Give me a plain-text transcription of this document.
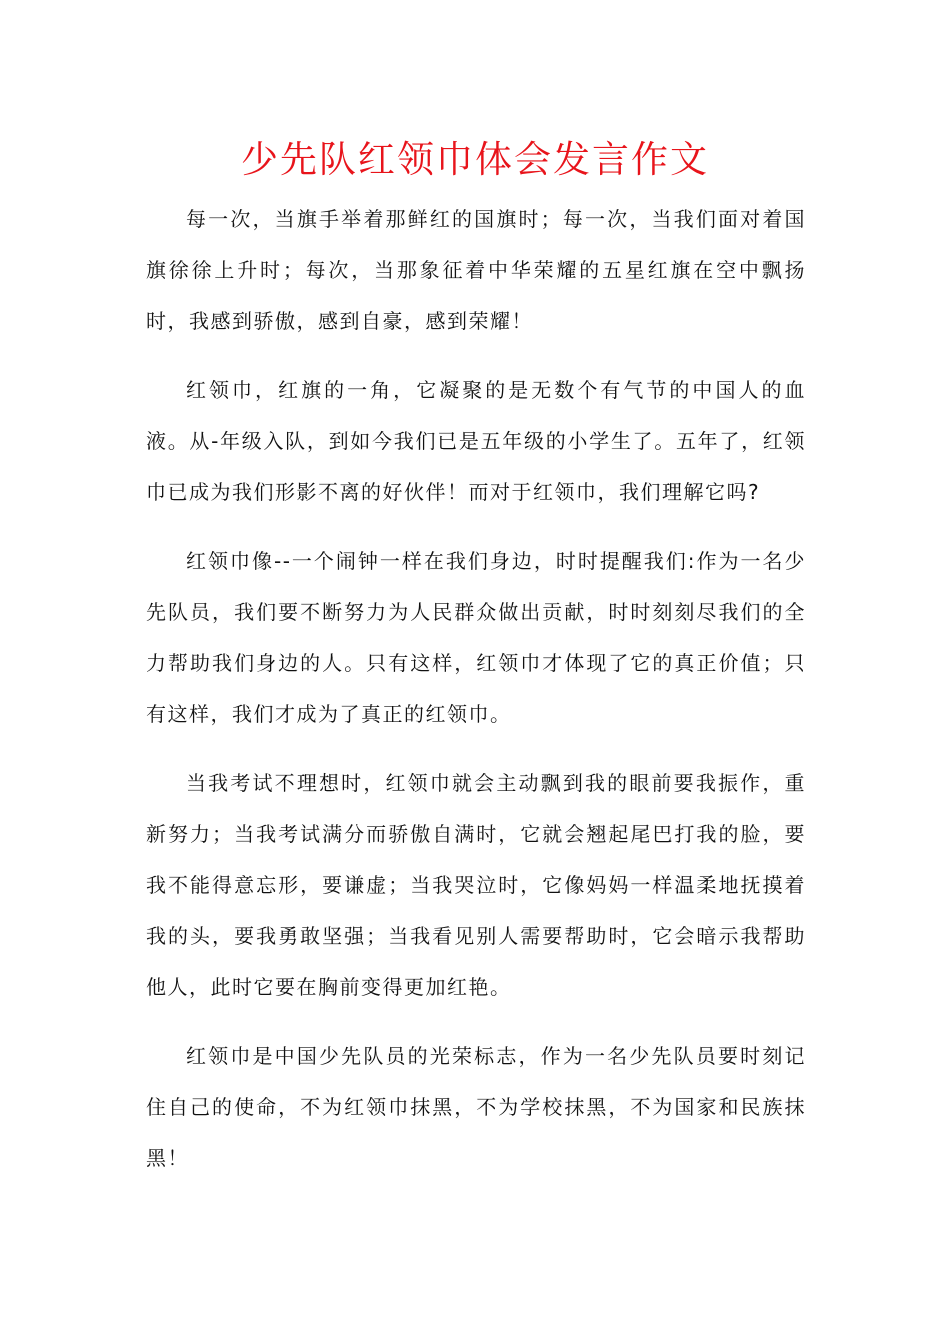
少先队红领巾体会发言作文

每一次，当旗手举着那鲜红的国旗时；每一次，当我们面对着国旗徐徐上升时；每次，当那象征着中华荣耀的五星红旗在空中飘扬时，我感到骄傲，感到自豪，感到荣耀！

红领巾，红旗的一角，它凝聚的是无数个有气节的中国人的血液。从-年级入队，到如今我们已是五年级的小学生了。五年了，红领巾已成为我们形影不离的好伙伴！而对于红领巾，我们理解它吗?

红领巾像--一个闹钟一样在我们身边，时时提醒我们:作为一名少先队员，我们要不断努力为人民群众做出贡献，时时刻刻尽我们的全力帮助我们身边的人。只有这样，红领巾才体现了它的真正价值；只有这样，我们才成为了真正的红领巾。

当我考试不理想时，红领巾就会主动飘到我的眼前要我振作，重新努力；当我考试满分而骄傲自满时，它就会翘起尾巴打我的脸，要我不能得意忘形，要谦虚；当我哭泣时，它像妈妈一样温柔地抚摸着我的头，要我勇敢坚强；当我看见别人需要帮助时，它会暗示我帮助他人，此时它要在胸前变得更加红艳。

红领巾是中国少先队员的光荣标志，作为一名少先队员要时刻记住自己的使命，不为红领巾抹黑，不为学校抹黑，不为国家和民族抹黑！
